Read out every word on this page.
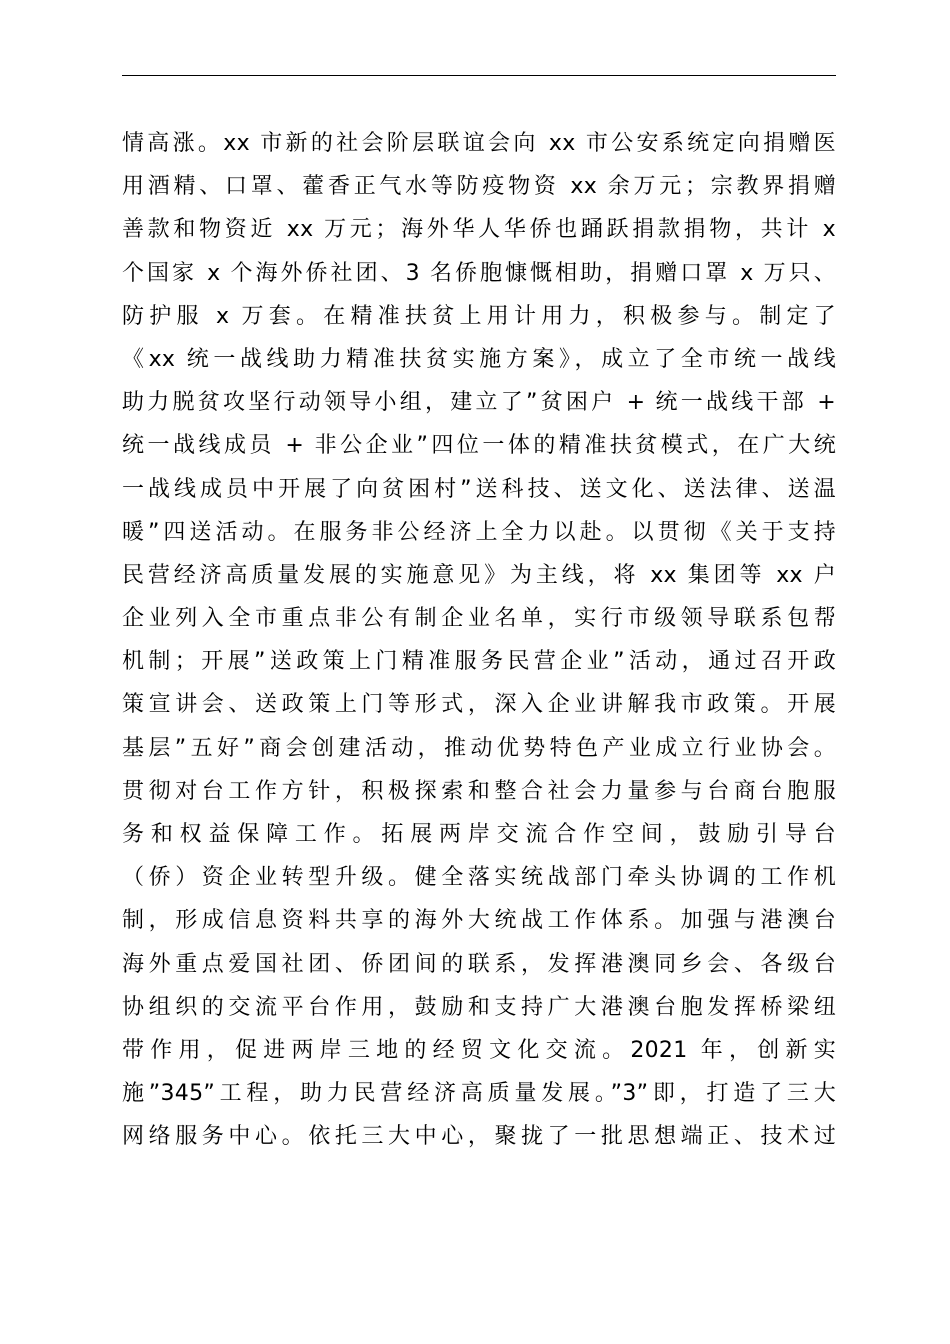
情高涨。xx 市新的社会阶层联谊会向 xx 市公安系统定向捐赠医
用酒精、口罩、藿香正气水等防疫物资 xx 余万元；宗教界捐赠
善款和物资近 xx 万元；海外华人华侨也踊跃捐款捐物，共计 x
个国家 x 个海外侨社团、3 名侨胞慷慨相助，捐赠口罩 x 万只、
防护服 x 万套。在精准扶贫上用计用力，积极参与。制定了
《xx 统一战线助力精准扶贫实施方案》，成立了全市统一战线
助力脱贫攻坚行动领导小组，建立了”贫困户 + 统一战线干部 +
统一战线成员 + 非公企业”四位一体的精准扶贫模式，在广大统
一战线成员中开展了向贫困村”送科技、送文化、送法律、送温
暖”四送活动。在服务非公经济上全力以赴。以贯彻《关于支持
民营经济高质量发展的实施意见》为主线，将 xx 集团等 xx 户
企业列入全市重点非公有制企业名单，实行市级领导联系包帮
机制；开展”送政策上门精准服务民营企业”活动，通过召开政
策宣讲会、送政策上门等形式，深入企业讲解我市政策。开展
基层”五好”商会创建活动，推动优势特色产业成立行业协会。
贯彻对台工作方针，积极探索和整合社会力量参与台商台胞服
务和权益保障工作。拓展两岸交流合作空间，鼓励引导台
（侨）资企业转型升级。健全落实统战部门牵头协调的工作机
制，形成信息资料共享的海外大统战工作体系。加强与港澳台
海外重点爱国社团、侨团间的联系，发挥港澳同乡会、各级台
协组织的交流平台作用，鼓励和支持广大港澳台胞发挥桥梁纽
带作用，促进两岸三地的经贸文化交流。2021 年，创新实
施”345”工程，助力民营经济高质量发展。”3”即，打造了三大
网络服务中心。依托三大中心，聚拢了一批思想端正、技术过
